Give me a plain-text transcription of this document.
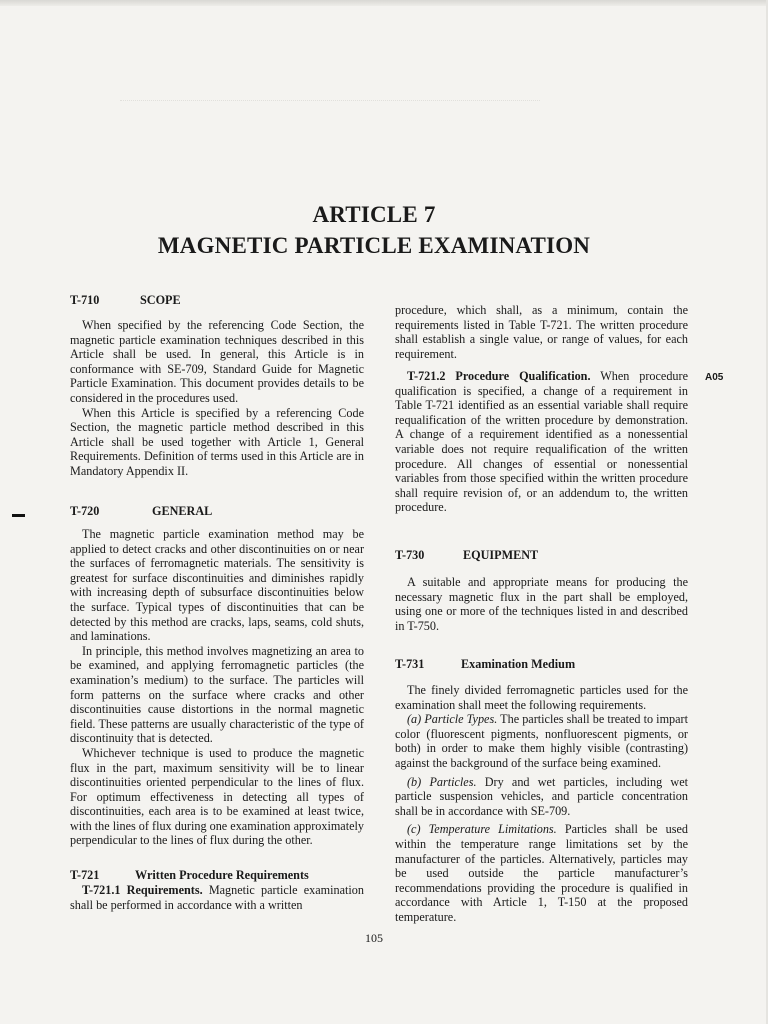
ARTICLE 7
MAGNETIC PARTICLE EXAMINATION
T-710	SCOPE

When specified by the referencing Code Section, the magnetic particle examination techniques described in this Article shall be used. In general, this Article is in conformance with SE-709, Standard Guide for Magnetic Particle Examination. This document provides details to be considered in the procedures used.

When this Article is specified by a referencing Code Section, the magnetic particle method described in this Article shall be used together with Article 1, General Requirements. Definition of terms used in this Article are in Mandatory Appendix II.

T-720	GENERAL

The magnetic particle examination method may be applied to detect cracks and other discontinuities on or near the surfaces of ferromagnetic materials. The sensitivity is greatest for surface discontinuities and diminishes rapidly with increasing depth of subsurface discontinuities below the surface. Typical types of discontinuities that can be detected by this method are cracks, laps, seams, cold shuts, and laminations.

In principle, this method involves magnetizing an area to be examined, and applying ferromagnetic particles (the examination’s medium) to the surface. The particles will form patterns on the surface where cracks and other discontinuities cause distortions in the normal magnetic field. These patterns are usually characteristic of the type of discontinuity that is detected.

Whichever technique is used to produce the magnetic flux in the part, maximum sensitivity will be to linear discontinuities oriented perpendicular to the lines of flux. For optimum effectiveness in detecting all types of discontinuities, each area is to be examined at least twice, with the lines of flux during one examination approximately perpendicular to the lines of flux during the other.

T-721	Written Procedure Requirements

T-721.1 Requirements. Magnetic particle examination shall be performed in accordance with a written

procedure, which shall, as a minimum, contain the requirements listed in Table T-721. The written procedure shall establish a single value, or range of values, for each requirement.

T-721.2 Procedure Qualification. When procedure qualification is specified, a change of a requirement in Table T-721 identified as an essential variable shall require requalification of the written procedure by demonstration. A change of a requirement identified as a nonessential variable does not require requalification of the written procedure. All changes of essential or nonessential variables from those specified within the written procedure shall require revision of, or an addendum to, the written procedure.

A05
T-730	EQUIPMENT

A suitable and appropriate means for producing the necessary magnetic flux in the part shall be employed, using one or more of the techniques listed in and described in T-750.

T-731	Examination Medium

The finely divided ferromagnetic particles used for the examination shall meet the following requirements.

(a) Particle Types. The particles shall be treated to impart color (fluorescent pigments, nonfluorescent pigments, or both) in order to make them highly visible (contrasting) against the background of the surface being examined.

(b) Particles. Dry and wet particles, including wet particle suspension vehicles, and particle concentration shall be in accordance with SE-709.

(c) Temperature Limitations. Particles shall be used within the temperature range limitations set by the manufacturer of the particles. Alternatively, particles may be used outside the particle manufacturer’s recommendations providing the procedure is qualified in accordance with Article 1, T-150 at the proposed temperature.

105
